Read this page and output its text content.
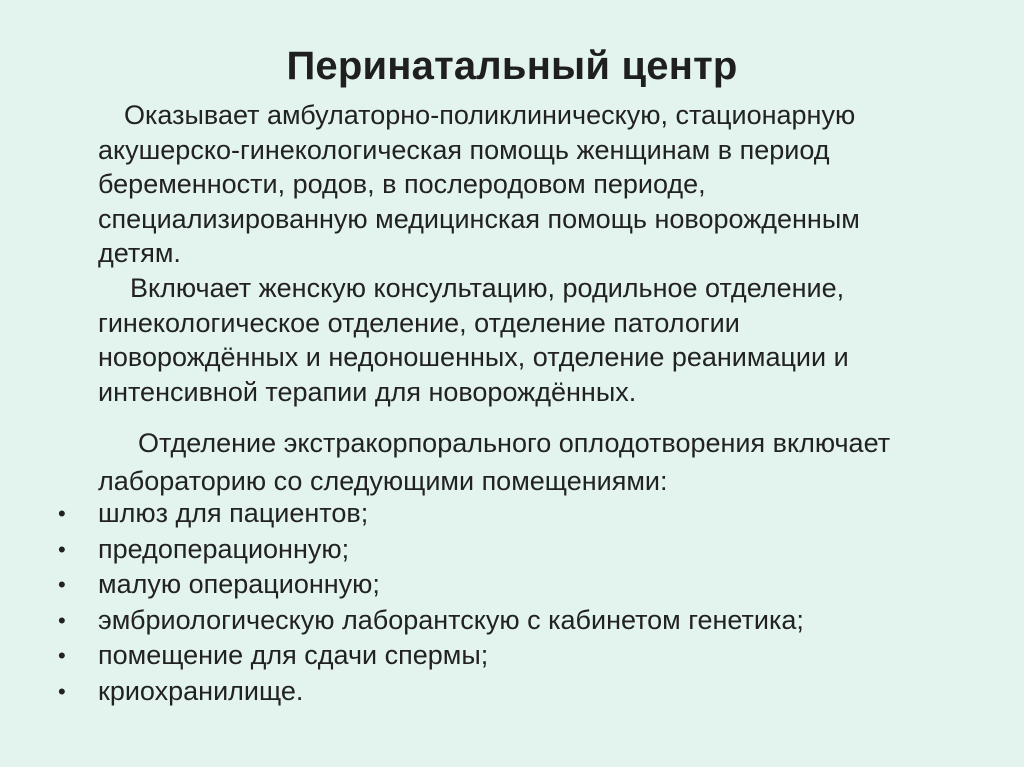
Перинатальный центр
Оказывает амбулаторно-поликлиническую, стационарную
акушерско-гинекологическая помощь женщинам в период
беременности, родов, в послеродовом периоде,
специализированную медицинская помощь новорожденным
детям.
Включает женскую консультацию, родильное отделение,
гинекологическое отделение, отделение патологии
новорождённых и недоношенных, отделение реанимации и
интенсивной терапии для новорождённых.
Отделение экстракорпорального оплодотворения включает
лабораторию со следующими помещениями:
•	шлюз для пациентов;
•	предоперационную;
•	малую операционную;
•	эмбриологическую лаборантскую с кабинетом генетика;
•	помещение для сдачи спермы;
•	криохранилище.
